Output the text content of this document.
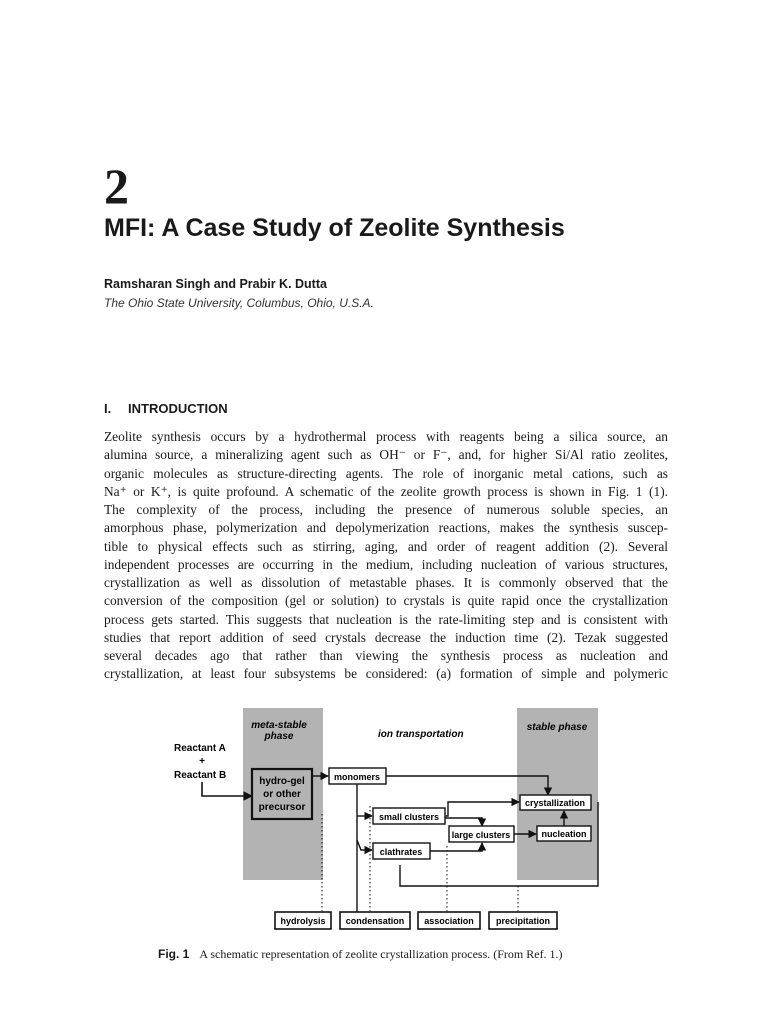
2
MFI: A Case Study of Zeolite Synthesis
Ramsharan Singh and Prabir K. Dutta
The Ohio State University, Columbus, Ohio, U.S.A.
I. INTRODUCTION
Zeolite synthesis occurs by a hydrothermal process with reagents being a silica source, an
alumina source, a mineralizing agent such as OH⁻ or F⁻, and, for higher Si/Al ratio zeolites,
organic molecules as structure-directing agents. The role of inorganic metal cations, such as
Na⁺ or K⁺, is quite profound. A schematic of the zeolite growth process is shown in Fig. 1 (1).
The complexity of the process, including the presence of numerous soluble species, an
amorphous phase, polymerization and depolymerization reactions, makes the synthesis suscep-
tible to physical effects such as stirring, aging, and order of reagent addition (2). Several
independent processes are occurring in the medium, including nucleation of various structures,
crystallization as well as dissolution of metastable phases. It is commonly observed that the
conversion of the composition (gel or solution) to crystals is quite rapid once the crystallization
process gets started. This suggests that nucleation is the rate-limiting step and is consistent with
studies that report addition of seed crystals decrease the induction time (2). Tezak suggested
several decades ago that rather than viewing the synthesis process as nucleation and
crystallization, at least four subsystems be considered: (a) formation of simple and polymeric
meta-stable
phase	ion transportation
stable phase
Reactant A
+
Reactant B
hydro-gel
or other
precursor
monomers
small clusters
crystallization
large clusters	nucleation
clathrates
hydrolysis condensation association precipitation
Fig. 1 A schematic representation of zeolite crystallization process. (From Ref. 1.)
